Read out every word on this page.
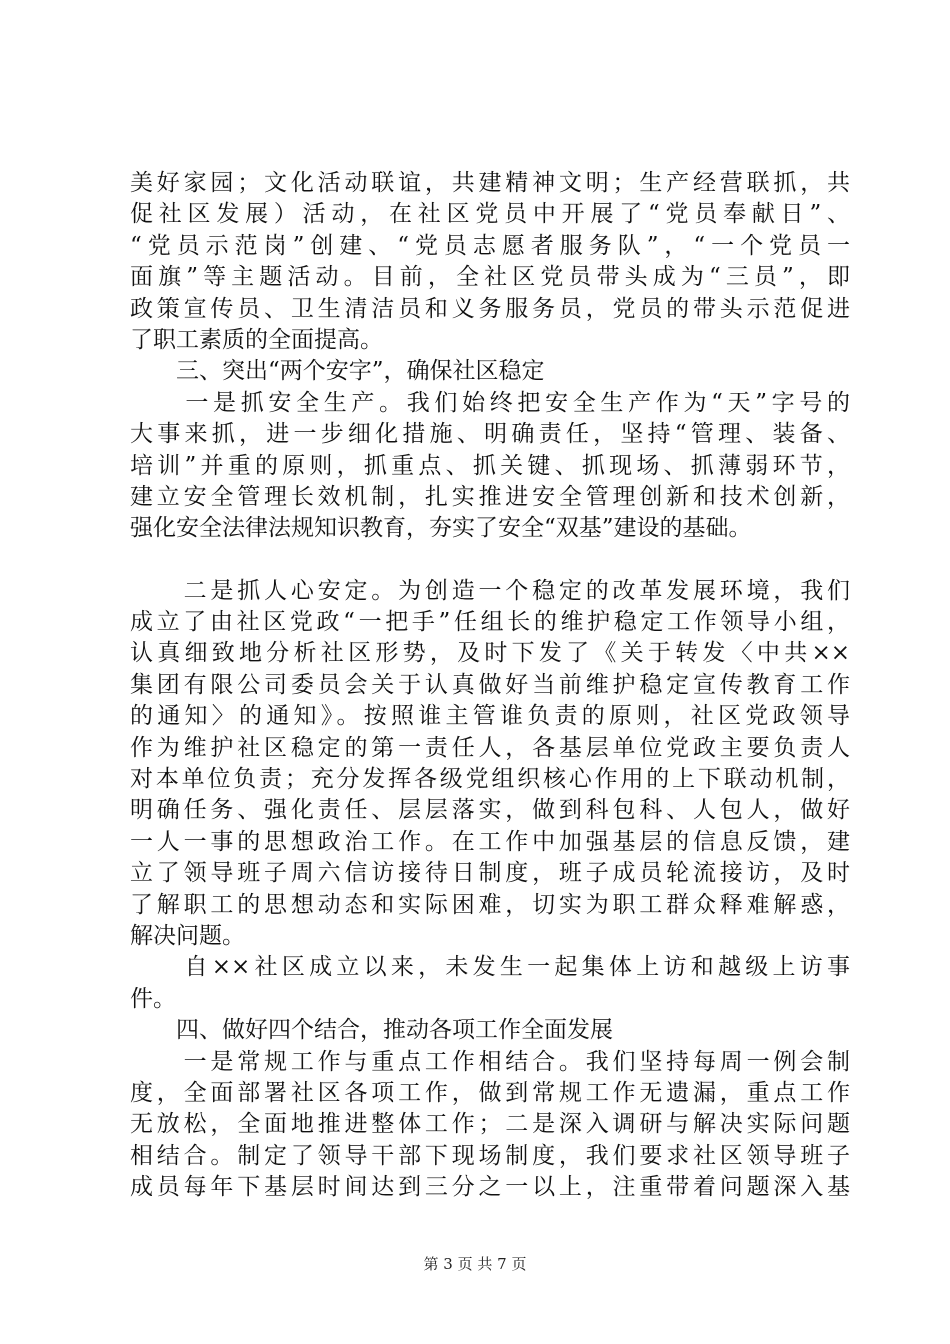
美好家园；文化活动联谊，共建精神文明；生产经营联抓，共
促社区发展）活动，在社区党员中开展了“党员奉献日”、
“党员示范岗”创建、“党员志愿者服务队”，“一个党员一
面旗”等主题活动。目前，全社区党员带头成为“三员”，即
政策宣传员、卫生清洁员和义务服务员，党员的带头示范促进
了职工素质的全面提高。
　　三、突出“两个安字”，确保社区稳定
　　一是抓安全生产。我们始终把安全生产作为“天”字号的
大事来抓，进一步细化措施、明确责任，坚持“管理、装备、
培训”并重的原则，抓重点、抓关键、抓现场、抓薄弱环节，
建立安全管理长效机制，扎实推进安全管理创新和技术创新，
强化安全法律法规知识教育，夯实了安全“双基”建设的基础。
　　二是抓人心安定。为创造一个稳定的改革发展环境，我们
成立了由社区党政“一把手”任组长的维护稳定工作领导小组，
认真细致地分析社区形势，及时下发了《关于转发〈中共××
集团有限公司委员会关于认真做好当前维护稳定宣传教育工作
的通知〉的通知》。按照谁主管谁负责的原则，社区党政领导
作为维护社区稳定的第一责任人，各基层单位党政主要负责人
对本单位负责；充分发挥各级党组织核心作用的上下联动机制，
明确任务、强化责任、层层落实，做到科包科、人包人，做好
一人一事的思想政治工作。在工作中加强基层的信息反馈，建
立了领导班子周六信访接待日制度，班子成员轮流接访，及时
了解职工的思想动态和实际困难，切实为职工群众释难解惑，
解决问题。
　　自××社区成立以来，未发生一起集体上访和越级上访事
件。
　　四、做好四个结合，推动各项工作全面发展
　　一是常规工作与重点工作相结合。我们坚持每周一例会制
度，全面部署社区各项工作，做到常规工作无遗漏，重点工作
无放松，全面地推进整体工作；二是深入调研与解决实际问题
相结合。制定了领导干部下现场制度，我们要求社区领导班子
成员每年下基层时间达到三分之一以上，注重带着问题深入基
第 3 页 共 7 页
